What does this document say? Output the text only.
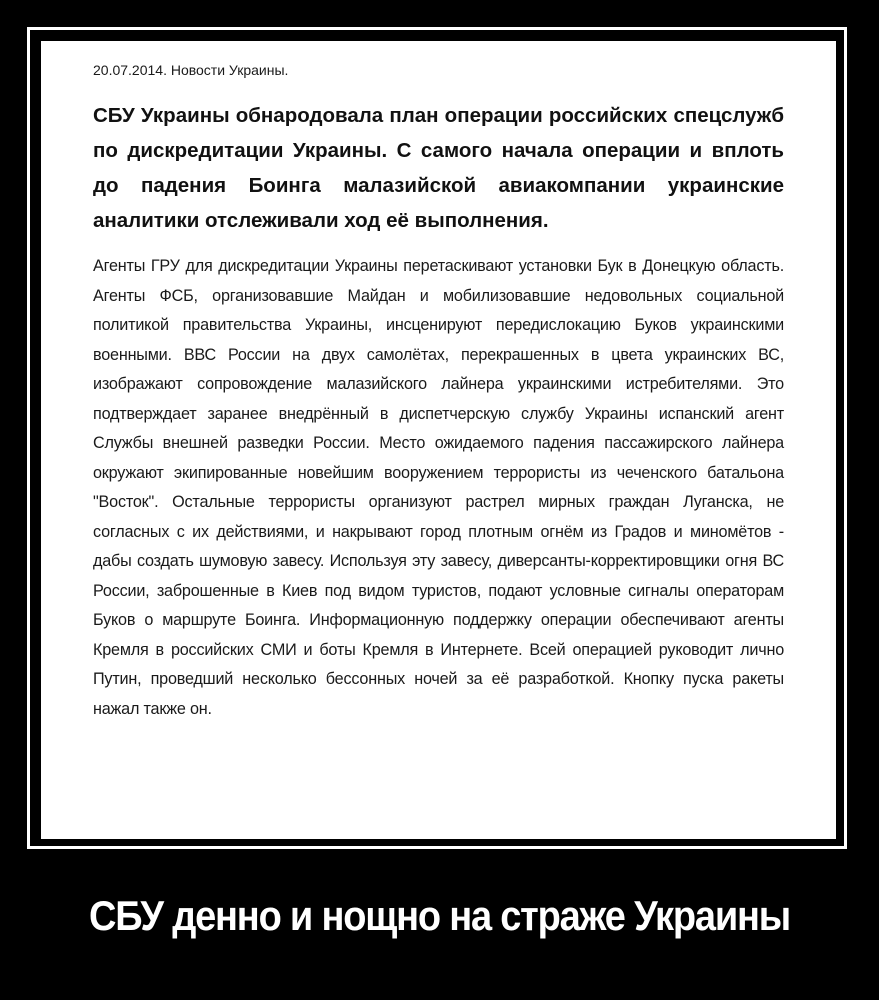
20.07.2014. Новости Украины.

СБУ Украины обнародовала план операции российских спецслужб по дискредитации Украины. С самого начала операции и вплоть до падения Боинга малазийской авиакомпании украинские аналитики отслеживали ход её выполнения.

Агенты ГРУ для дискредитации Украины перетаскивают установки Бук в Донецкую область. Агенты ФСБ, организовавшие Майдан и мобилизовавшие недовольных социальной политикой правительства Украины, инсценируют передислокацию Буков украинскими военными. ВВС России на двух самолётах, перекрашенных в цвета украинских ВС, изображают сопровождение малазийского лайнера украинскими истребителями. Это подтверждает заранее внедрённый в диспетчерскую службу Украины испанский агент Службы внешней разведки России. Место ожидаемого падения пассажирского лайнера окружают экипированные новейшим вооружением террористы из чеченского батальона "Восток". Остальные террористы организуют растрел мирных граждан Луганска, не согласных с их действиями, и накрывают город плотным огнём из Градов и миномётов - дабы создать шумовую завесу. Используя эту завесу, диверсанты-корректировщики огня ВС России, заброшенные в Киев под видом туристов, подают условные сигналы операторам Буков о маршруте Боинга. Информационную поддержку операции обеспечивают агенты Кремля в российских СМИ и боты Кремля в Интернете. Всей операцией руководит лично Путин, проведший несколько бессонных ночей за её разработкой. Кнопку пуска ракеты нажал также он.

СБУ денно и нощно на страже Украины
